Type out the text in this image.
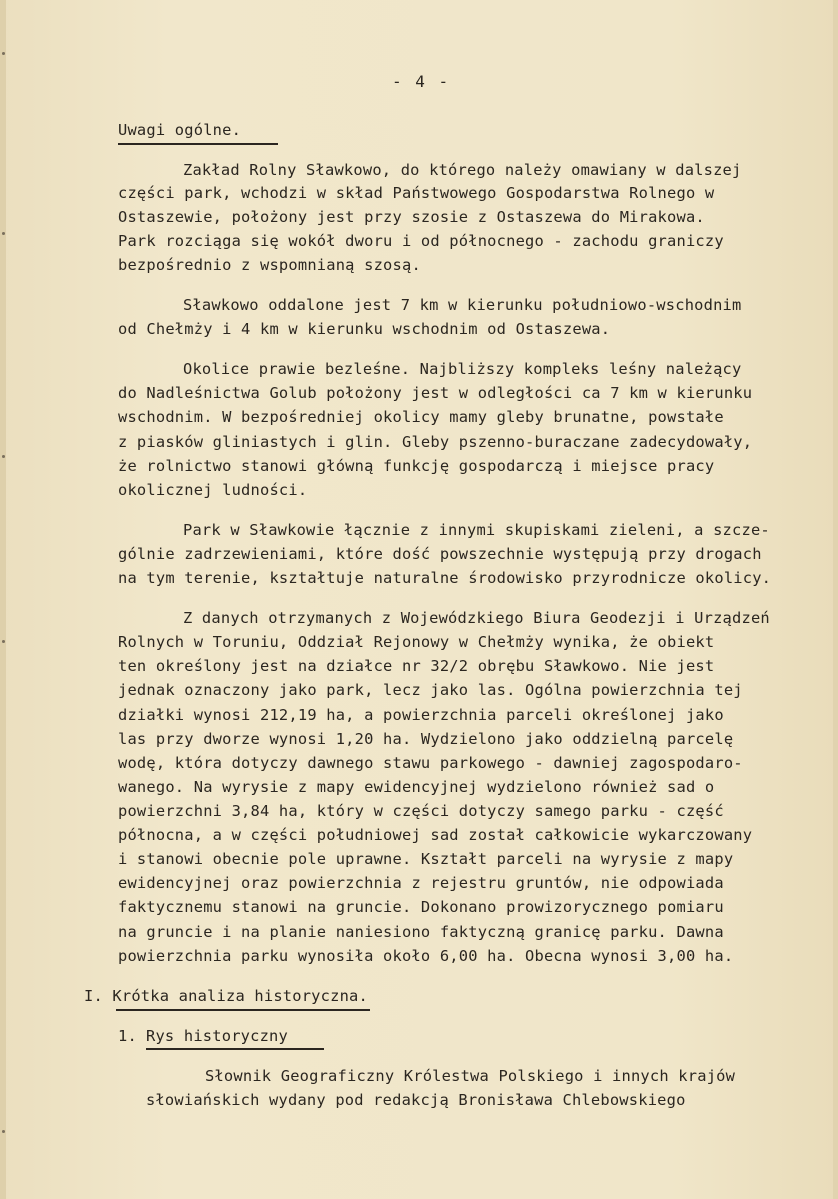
- 4 -
Uwagi ogólne.
Zakład Rolny Sławkowo, do którego należy omawiany w dalszej
części park, wchodzi w skład Państwowego Gospodarstwa Rolnego w
Ostaszewie, położony jest przy szosie z Ostaszewa do Mirakowa.
Park rozciąga się wokół dworu i od północnego - zachodu graniczy
bezpośrednio z wspomnianą szosą.
Sławkowo oddalone jest 7 km w kierunku południowo-wschodnim
od Chełmży i 4 km w kierunku wschodnim od Ostaszewa.
Okolice prawie bezleśne. Najbliższy kompleks leśny należący
do Nadleśnictwa Golub położony jest w odległości ca 7 km w kierunku
wschodnim. W bezpośredniej okolicy mamy gleby brunatne, powstałe
z piasków gliniastych i glin. Gleby pszenno-buraczane zadecydowały,
że rolnictwo stanowi główną funkcję gospodarczą i miejsce pracy
okolicznej ludności.
Park w Sławkowie łącznie z innymi skupiskami zieleni, a szcze-
gólnie zadrzewieniami, które dość powszechnie występują przy drogach
na tym terenie, kształtuje naturalne środowisko przyrodnicze okolicy.
Z danych otrzymanych z Wojewódzkiego Biura Geodezji i Urządzeń
Rolnych w Toruniu, Oddział Rejonowy w Chełmży wynika, że obiekt
ten określony jest na działce nr 32/2 obrębu Sławkowo. Nie jest
jednak oznaczony jako park, lecz jako las. Ogólna powierzchnia tej
działki wynosi 212,19 ha, a powierzchnia parceli określonej jako
las przy dworze wynosi 1,20 ha. Wydzielono jako oddzielną parcelę
wodę, która dotyczy dawnego stawu parkowego - dawniej zagospodaro-
wanego. Na wyrysie z mapy ewidencyjnej wydzielono również sad o
powierzchni 3,84 ha, który w części dotyczy samego parku - część
północna, a w części południowej sad został całkowicie wykarczowany
i stanowi obecnie pole uprawne. Kształt parceli na wyrysie z mapy
ewidencyjnej oraz powierzchnia z rejestru gruntów, nie odpowiada
faktycznemu stanowi na gruncie. Dokonano prowizorycznego pomiaru
na gruncie i na planie naniesiono faktyczną granicę parku. Dawna
powierzchnia parku wynosiła około 6,00 ha. Obecna wynosi 3,00 ha.
I. Krótka analiza historyczna.
1. Rys historyczny
Słownik Geograficzny Królestwa Polskiego i innych krajów
słowiańskich wydany pod redakcją Bronisława Chlebowskiego
